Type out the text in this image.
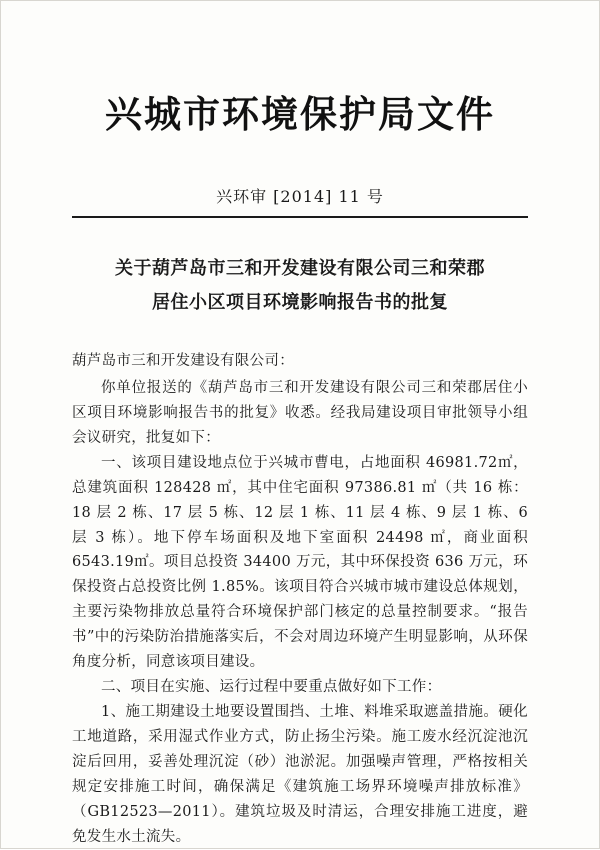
兴城市环境保护局文件
兴环审 [2014] 11 号
关于葫芦岛市三和开发建设有限公司三和荣郡
居住小区项目环境影响报告书的批复

葫芦岛市三和开发建设有限公司：

你单位报送的《葫芦岛市三和开发建设有限公司三和荣郡居住小区项目环境影响报告书的批复》收悉。经我局建设项目审批领导小组会议研究，批复如下：

一、该项目建设地点位于兴城市曹电，占地面积 46981.72㎡，总建筑面积 128428 ㎡，其中住宅面积 97386.81 ㎡（共 16 栋：18 层 2 栋、17 层 5 栋、12 层 1 栋、11 层 4 栋、9 层 1 栋、6 层 3 栋）。地下停车场面积及地下室面积 24498 ㎡，商业面积 6543.19㎡。项目总投资 34400 万元，其中环保投资 636 万元，环保投资占总投资比例 1.85%。该项目符合兴城市城市建设总体规划，主要污染物排放总量符合环境保护部门核定的总量控制要求。“报告书”中的污染防治措施落实后，不会对周边环境产生明显影响，从环保角度分析，同意该项目建设。

二、项目在实施、运行过程中要重点做好如下工作：

1、施工期建设土地要设置围挡、土堆、料堆采取遮盖措施。硬化工地道路，采用湿式作业方式，防止扬尘污染。施工废水经沉淀池沉淀后回用，妥善处理沉淀（砂）池淤泥。加强噪声管理，严格按相关规定安排施工时间，确保满足《建筑施工场界环境噪声排放标准》（GB12523—2011）。建筑垃圾及时清运，合理安排施工进度，避免发生水土流失。
